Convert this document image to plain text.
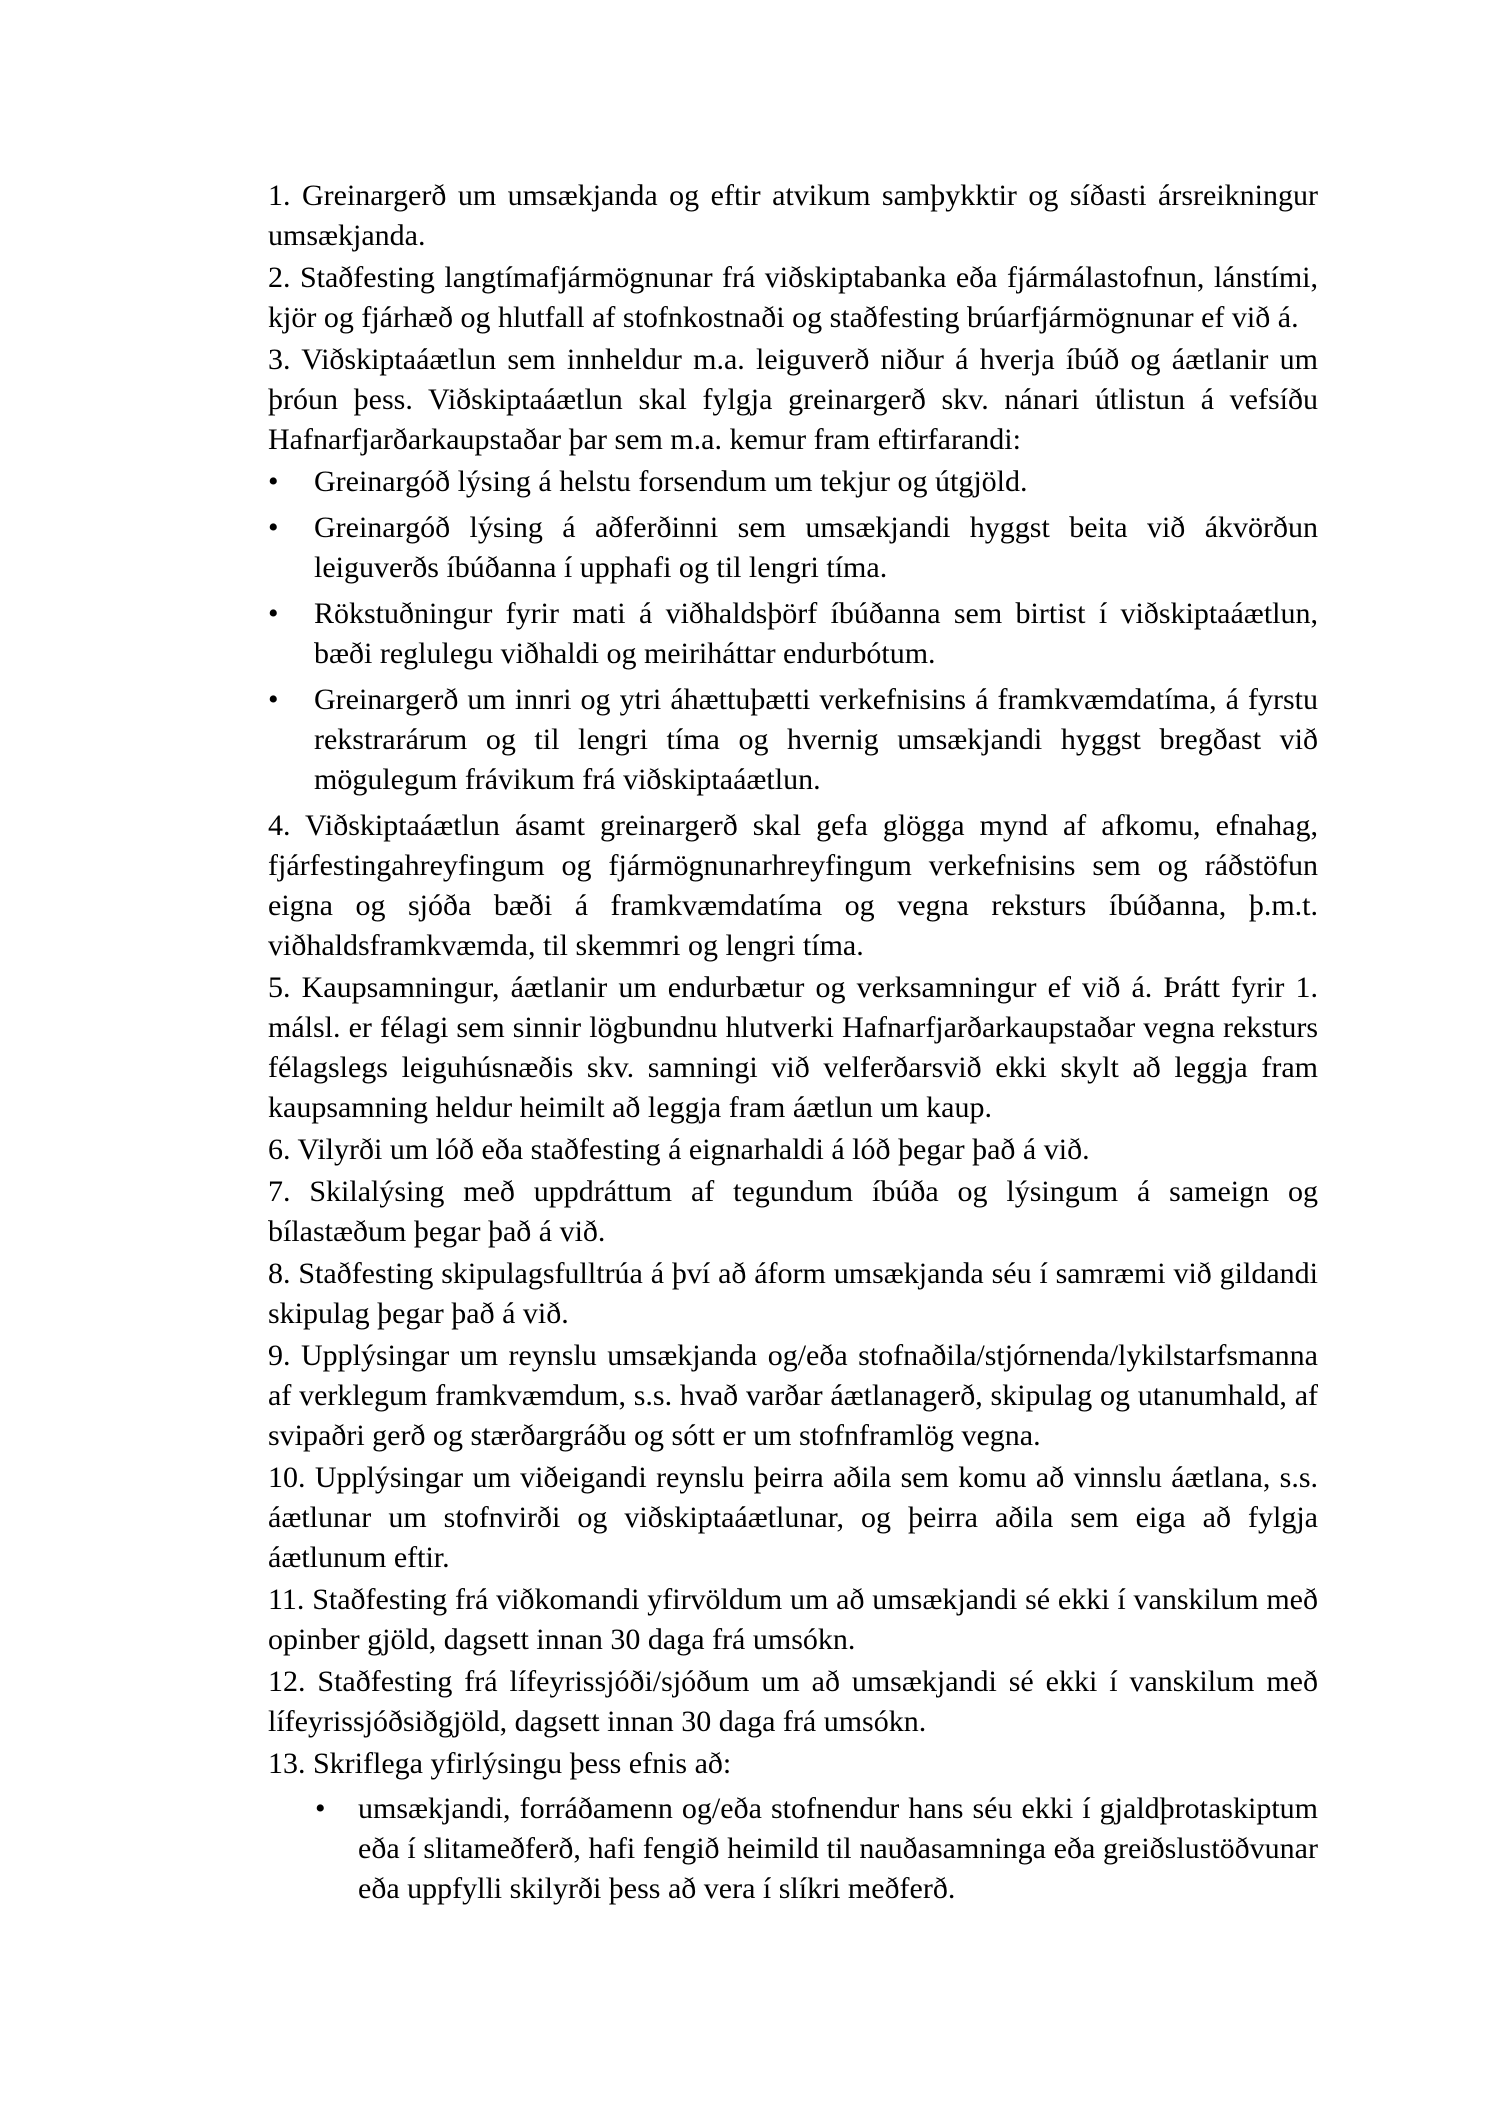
1. Greinargerð um umsækjanda og eftir atvikum samþykktir og síðasti ársreikningur umsækjanda.

2. Staðfesting langtímafjármögnunar frá viðskiptabanka eða fjármálastofnun, lánstími, kjör og fjárhæð og hlutfall af stofnkostnaði og staðfesting brúarfjármögnunar ef við á.

3. Viðskiptaáætlun sem innheldur m.a. leiguverð niður á hverja íbúð og áætlanir um þróun þess. Viðskiptaáætlun skal fylgja greinargerð skv. nánari útlistun á vefsíðu Hafnarfjarðarkaupstaðar þar sem m.a. kemur fram eftirfarandi:

•	Greinargóð lýsing á helstu forsendum um tekjur og útgjöld.
•	Greinargóð lýsing á aðferðinni sem umsækjandi hyggst beita við ákvörðun leiguverðs íbúðanna í upphafi og til lengri tíma.
•	Rökstuðningur fyrir mati á viðhaldsþörf íbúðanna sem birtist í viðskiptaáætlun, bæði reglulegu viðhaldi og meiriháttar endurbótum.
•	Greinargerð um innri og ytri áhættuþætti verkefnisins á framkvæmdatíma, á fyrstu rekstrarárum og til lengri tíma og hvernig umsækjandi hyggst bregðast við mögulegum frávikum frá viðskiptaáætlun.

4. Viðskiptaáætlun ásamt greinargerð skal gefa glögga mynd af afkomu, efnahag, fjárfestingahreyfingum og fjármögnunarhreyfingum verkefnisins sem og ráðstöfun eigna og sjóða bæði á framkvæmdatíma og vegna reksturs íbúðanna, þ.m.t. viðhaldsframkvæmda, til skemmri og lengri tíma.

5. Kaupsamningur, áætlanir um endurbætur og verksamningur ef við á. Þrátt fyrir 1. málsl. er félagi sem sinnir lögbundnu hlutverki Hafnarfjarðarkaupstaðar vegna reksturs félagslegs leiguhúsnæðis skv. samningi við velferðarsvið ekki skylt að leggja fram kaupsamning heldur heimilt að leggja fram áætlun um kaup.

6. Vilyrði um lóð eða staðfesting á eignarhaldi á lóð þegar það á við.

7. Skilalýsing með uppdráttum af tegundum íbúða og lýsingum á sameign og bílastæðum þegar það á við.

8. Staðfesting skipulagsfulltrúa á því að áform umsækjanda séu í samræmi við gildandi skipulag þegar það á við.

9. Upplýsingar um reynslu umsækjanda og/eða stofnaðila/stjórnenda/lykilstarfsmanna af verklegum framkvæmdum, s.s. hvað varðar áætlanagerð, skipulag og utanumhald, af svipaðri gerð og stærðargráðu og sótt er um stofnframlög vegna.

10. Upplýsingar um viðeigandi reynslu þeirra aðila sem komu að vinnslu áætlana, s.s. áætlunar um stofnvirði og viðskiptaáætlunar, og þeirra aðila sem eiga að fylgja áætlunum eftir.

11. Staðfesting frá viðkomandi yfirvöldum um að umsækjandi sé ekki í vanskilum með opinber gjöld, dagsett innan 30 daga frá umsókn.

12. Staðfesting frá lífeyrissjóði/sjóðum um að umsækjandi sé ekki í vanskilum með lífeyrissjóðsiðgjöld, dagsett innan 30 daga frá umsókn.

13. Skriflega yfirlýsingu þess efnis að:

•	umsækjandi, forráðamenn og/eða stofnendur hans séu ekki í gjaldþrotaskiptum eða í slitameðferð, hafi fengið heimild til nauðasamninga eða greiðslustöðvunar eða uppfylli skilyrði þess að vera í slíkri meðferð.
